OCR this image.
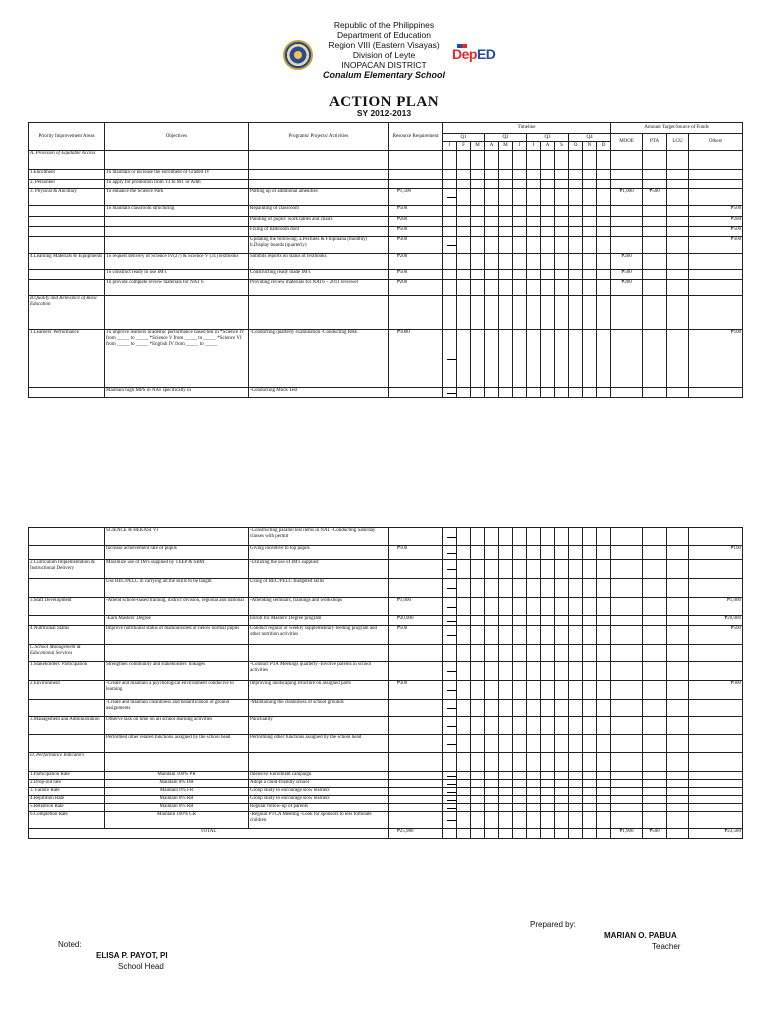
Republic of the Philippines
Department of Education
Region VIII (Eastern Visayas)
Division of Leyte
INOPACAN DISTRICT
Conalum Elementary School
DepED
ACTION PLAN
SY 2012-2013
Priority Improvement Areas	Objectives	Programs/ Projects/ Activities	Resource Requirement	Timeline												Amount Target/Source of Funds			
				Q1			Q2			Q3			Q4			MOOE	PTA	LGU	Others
				J	F	M	A	M	J	J	A	S	O	N	D				
A. Provision of Equitable Access																			
1.Enrolment	To maintain or increase the enrolment of Graded IV																		
2. Personnel	To apply for promotion from T3 to MT or Adm																		
3. Physical & Ancillary	To enhance the Science Park	Putting up of additional amenities	₱1,500													₱1,000	₱500		
	To maintain classroom structuring	Repainting of classroom	₱500																₱500
		Painting of pupils' work tables and chairs	₱280																₱280
		Fixing of bathroom door	₱500																₱500
		Updating the following: a.Pechiles & Filipinana (monthly) b.Display boards (quarterly)	₱300																₱300
4.Learning Materials & Equipments	To request delivery of Science IV(27) & Science V (31) textbooks	Submits reports on status of textbooks	₱200													₱200			
	To construct ready to use IM's	Constructing ready made IM's	₱500													₱500			
	To provide complete review materials for NAT 6	Providing review materials for NAT6 – 2011 reviewer	₱200													₱200			
B.Quality and Relevance of Basic Education																			
1.Learners' Performance	To improve learners academic performance based test in *Science IV from _____ to _____ *Science V from _____ to _____ *Science VI from _____ to _____ *English IV from _____ to _____	-Conducting quarterly examination -Conducting RRE	₱1000																₱100
	Maintain high MPS in NAT specifically in	-Conducting Mock Test		

	SCIENCE & HEKASI VI	-Constructing parallel test items in NAT -Conducting Saturday classes with permit		

	Increase achievement rate of pupils	Giving incentive to top pupils	₱100																₱100
2.Curriculum Implementation & Instructional Delivery	Maximize use of IM's supplied by TEEP & SBM	-Utilizing the use of IM's supplied		

	Use BEC/PELC in carrying all the skills to be taught	Using of BEC/PELC Budgeted skills		

3.Staff Development	-Attend school-based training, district division, regional and national	-Attending seminars, trainings and workshops	₱1,000																₱1,000
	-Earn Masters' Degree	Enroll for Masters' Degree program	₱20,000																₱20,000
4.Nutritional Status	Improve nutritional status of malnourished or below normal pupils	Conduct regular or weekly supplementary feeding program and other nutrition activities	₱500																₱500
C.School Management & Educational Services																			
1.Stakeholders' Participation	Strengthen community and stakeholders' linkages	-Conduct PTA Meetings quarterly -Involve parents in school activities		

2.Environment	-Create and maintain a psychological environment conducive to learning	Improving landscaping structure on assigned parts	₱300																₱300
	-Create and maintain cleanliness and beautification of ground assignments	-Maintaining the cleanliness of school grounds		

3.Management and Administration	Observe task on time on all school learning activities	Punctuality		

	Performed other related functions assigned by the school head	Performing other functions assigned by the school head		

D. Performance Indicators																			
1.Participation Rate	Maintain 100% PR	Intensive Enrolment campaign		

2.Drop-out rate	Maintain 0% DR	Adopt a child-friendly school		

3. Failure Rate	Maintain 0% FR	Group study to encourage slow learners		

4.Repitition Rate	Maintain 0% RR	Group study to encourage slow learners		

5.Retention Rate	Maintain 0% RR	Regular follow-up of parents		

6.Completion Rate	Maintain 100% CR	-Regular PTCA Meeting -Look for sponsors to less fortunate children		

TOTAL			₱25,980													₱1,900	₱500		₱23,580
Prepared by:
MARIAN O. PABUA
Teacher
Noted:
ELISA P. PAYOT, PI
School Head
